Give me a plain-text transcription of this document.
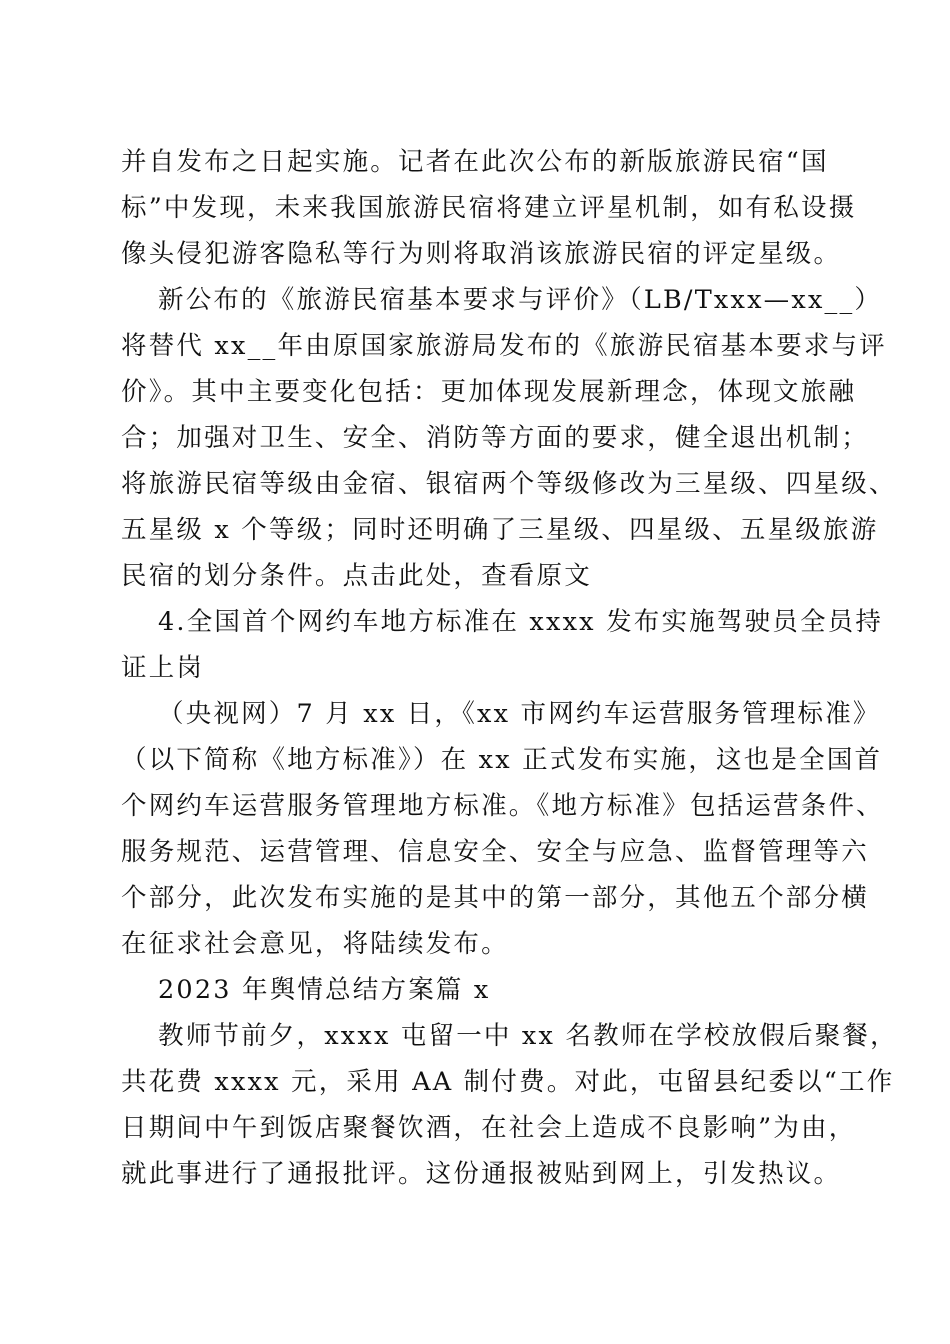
并自发布之日起实施。记者在此次公布的新版旅游民宿“国
标”中发现，未来我国旅游民宿将建立评星机制，如有私设摄
像头侵犯游客隐私等行为则将取消该旅游民宿的评定星级。
新公布的《旅游民宿基本要求与评价》（LB/Txxx—xx__）
将替代 xx__年由原国家旅游局发布的《旅游民宿基本要求与评
价》。其中主要变化包括：更加体现发展新理念，体现文旅融
合；加强对卫生、安全、消防等方面的要求，健全退出机制；
将旅游民宿等级由金宿、银宿两个等级修改为三星级、四星级、
五星级 x 个等级；同时还明确了三星级、四星级、五星级旅游
民宿的划分条件。点击此处，查看原文
4.全国首个网约车地方标准在 xxxx 发布实施驾驶员全员持
证上岗
（央视网）7 月 xx 日，《xx 市网约车运营服务管理标准》
（以下简称《地方标准》）在 xx 正式发布实施，这也是全国首
个网约车运营服务管理地方标准。《地方标准》包括运营条件、
服务规范、运营管理、信息安全、安全与应急、监督管理等六
个部分，此次发布实施的是其中的第一部分，其他五个部分横
在征求社会意见，将陆续发布。
2023 年舆情总结方案篇 x
教师节前夕，xxxx 屯留一中 xx 名教师在学校放假后聚餐，
共花费 xxxx 元，采用 AA 制付费。对此，屯留县纪委以“工作
日期间中午到饭店聚餐饮酒，在社会上造成不良影响”为由，
就此事进行了通报批评。这份通报被贴到网上，引发热议。
